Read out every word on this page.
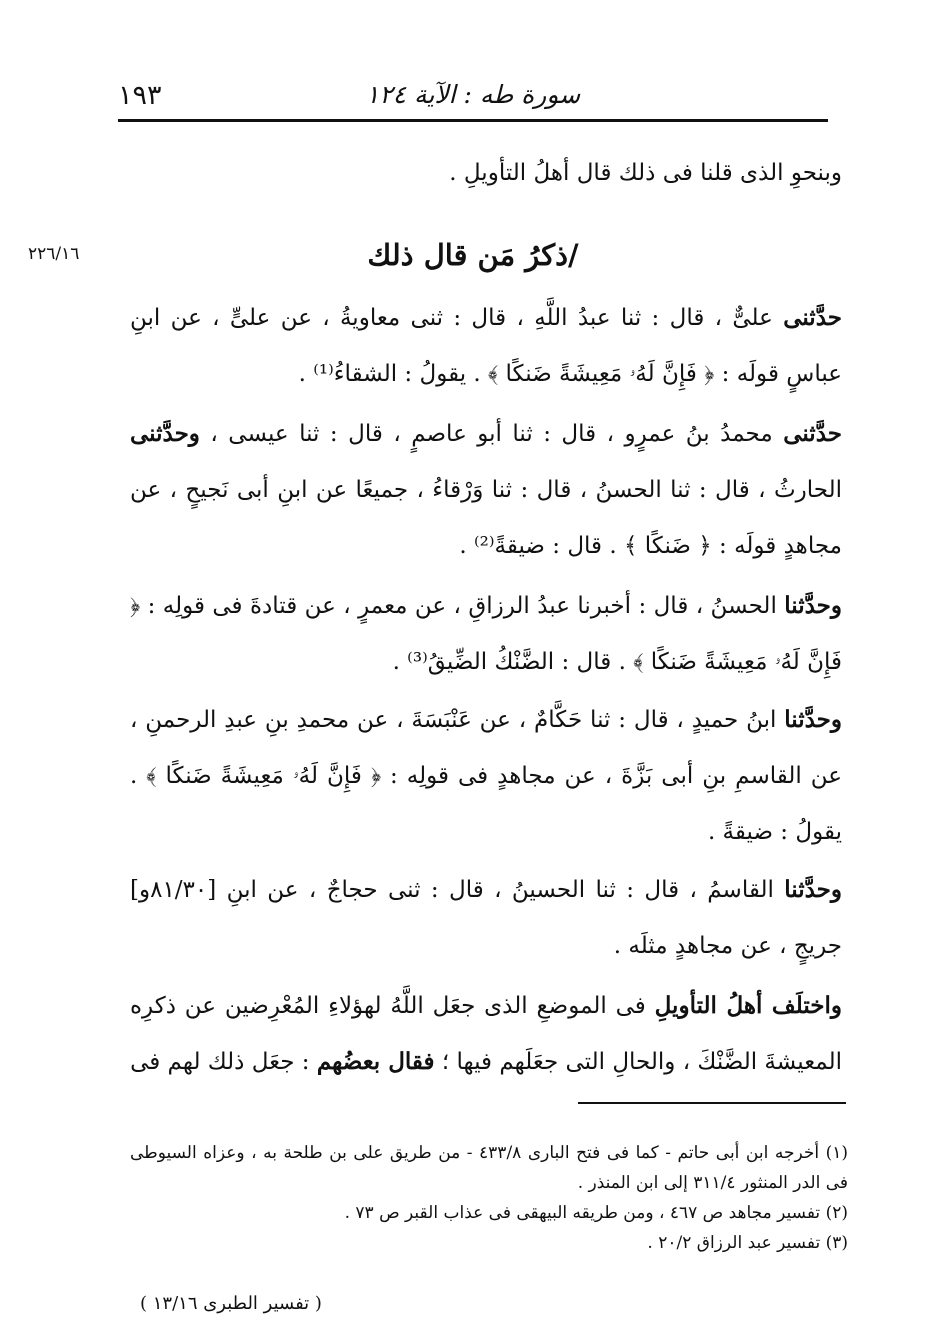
١٩٣	سورة طه : الآية ١٢٤
٢٢٦/١٦
وبنحوِ الذى قلنا فى ذلك قال أهلُ التأويلِ .
/ذكرُ مَن قال ذلك
حدَّثنى علىٌّ ، قال : ثنا عبدُ اللَّهِ ، قال : ثنى معاويةُ ، عن علىٍّ ، عن ابنِ عباسٍ قولَه : ﴿ فَإِنَّ لَهُۥ مَعِيشَةً ضَنكًا ﴾ . يقولُ : الشقاءُ⁽¹⁾ .
حدَّثنى محمدُ بنُ عمرٍو ، قال : ثنا أبو عاصمٍ ، قال : ثنا عيسى ، وحدَّثنى الحارثُ ، قال : ثنا الحسنُ ، قال : ثنا وَرْقاءُ ، جميعًا عن ابنِ أبى نَجيحٍ ، عن مجاهدٍ قولَه : ﴿ ضَنكًا ﴾ . قال : ضيقةً⁽²⁾ .
وحدَّثنا الحسنُ ، قال : أخبرنا عبدُ الرزاقِ ، عن معمرٍ ، عن قتادةَ فى قولِه : ﴿ فَإِنَّ لَهُۥ مَعِيشَةً ضَنكًا ﴾ . قال : الضَّنْكُ الضِّيقُ⁽³⁾ .
وحدَّثنا ابنُ حميدٍ ، قال : ثنا حَكَّامٌ ، عن عَنْبَسَةَ ، عن محمدِ بنِ عبدِ الرحمنِ ، عن القاسمِ بنِ أبى بَزَّةَ ، عن مجاهدٍ فى قولِه : ﴿ فَإِنَّ لَهُۥ مَعِيشَةً ضَنكًا ﴾ . يقولُ : ضيقةً .
وحدَّثنا القاسمُ ، قال : ثنا الحسينُ ، قال : ثنى حجاجٌ ، عن ابنِ [٨١/٣٠و] جريجٍ ، عن مجاهدٍ مثلَه .
واختلَف أهلُ التأويلِ فى الموضعِ الذى جعَل اللَّهُ لهؤلاءِ المُعْرِضين عن ذكرِه المعيشةَ الضَّنْكَ ، والحالِ التى جعَلَهم فيها ؛ فقال بعضُهم : جعَل ذلك لهم فى

(١) أخرجه ابن أبى حاتم - كما فى فتح البارى ٤٣٣/٨ - من طريق على بن طلحة به ، وعزاه السيوطى فى الدر المنثور ٣١١/٤ إلى ابن المنذر .

(٢) تفسير مجاهد ص ٤٦٧ ، ومن طريقه البيهقى فى عذاب القبر ص ٧٣ .

(٣) تفسير عبد الرزاق ٢٠/٢ .

( تفسير الطبرى ١٣/١٦ )
